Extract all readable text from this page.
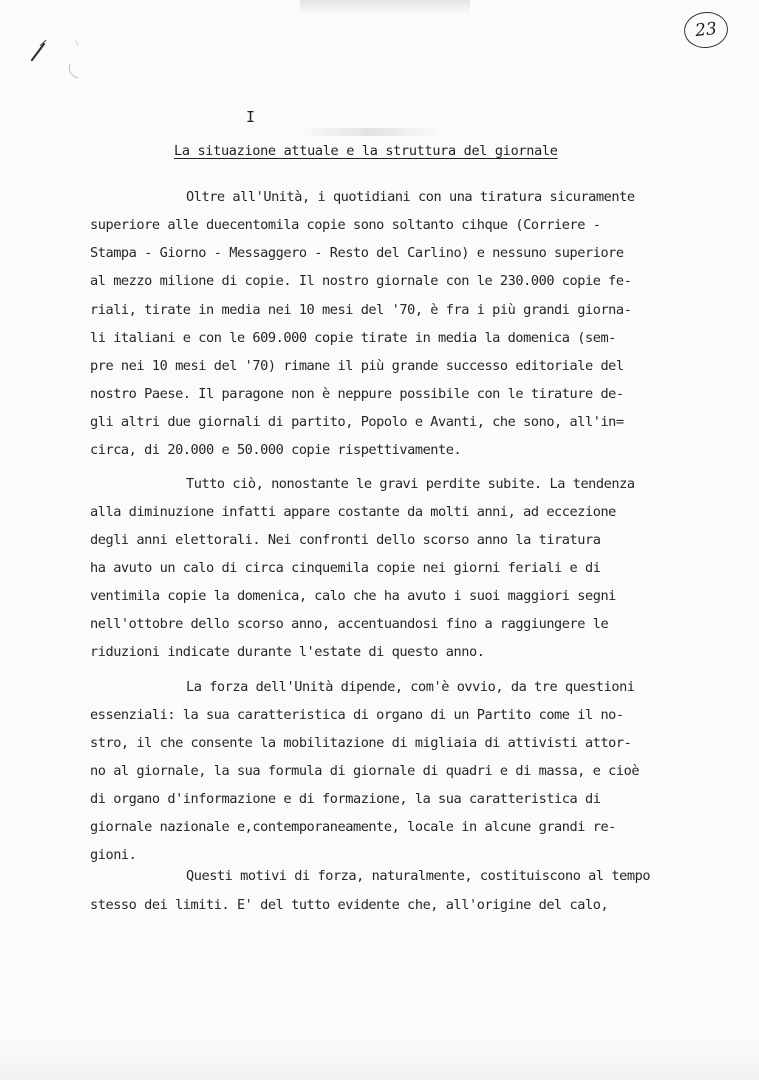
23
I
La situazione attuale e la struttura del giornale
Oltre all'Unità, i quotidiani con una tiratura sicuramente
superiore alle duecentomila copie sono soltanto cihque (Corriere -
Stampa - Giorno - Messaggero - Resto del Carlino) e nessuno superiore
al mezzo milione di copie. Il nostro giornale con le 230.000 copie fe-
riali, tirate in media nei 10 mesi del '70, è fra i più grandi giorna-
li italiani e con le 609.000 copie tirate in media la domenica (sem-
pre nei 10 mesi del '70) rimane il più grande successo editoriale del
nostro Paese. Il paragone non è neppure possibile con le tirature de-
gli altri due giornali di partito, Popolo e Avanti, che sono, all'in=
circa, di 20.000 e 50.000 copie rispettivamente.
Tutto ciò, nonostante le gravi perdite subite. La tendenza
alla diminuzione infatti appare costante da molti anni, ad eccezione
degli anni elettorali. Nei confronti dello scorso anno la tiratura
ha avuto un calo di circa cinquemila copie nei giorni feriali e di
ventimila copie la domenica, calo che ha avuto i suoi maggiori segni
nell'ottobre dello scorso anno, accentuandosi fino a raggiungere le
riduzioni indicate durante l'estate di questo anno.
La forza dell'Unità dipende, com'è ovvio, da tre questioni
essenziali: la sua caratteristica di organo di un Partito come il no-
stro, il che consente la mobilitazione di migliaia di attivisti attor-
no al giornale, la sua formula di giornale di quadri e di massa, e cioè
di organo d'informazione e di formazione, la sua caratteristica di
giornale nazionale e,contemporaneamente, locale in alcune grandi re-
gioni.
Questi motivi di forza, naturalmente, costituiscono al tempo
stesso dei limiti. E' del tutto evidente che, all'origine del calo,
